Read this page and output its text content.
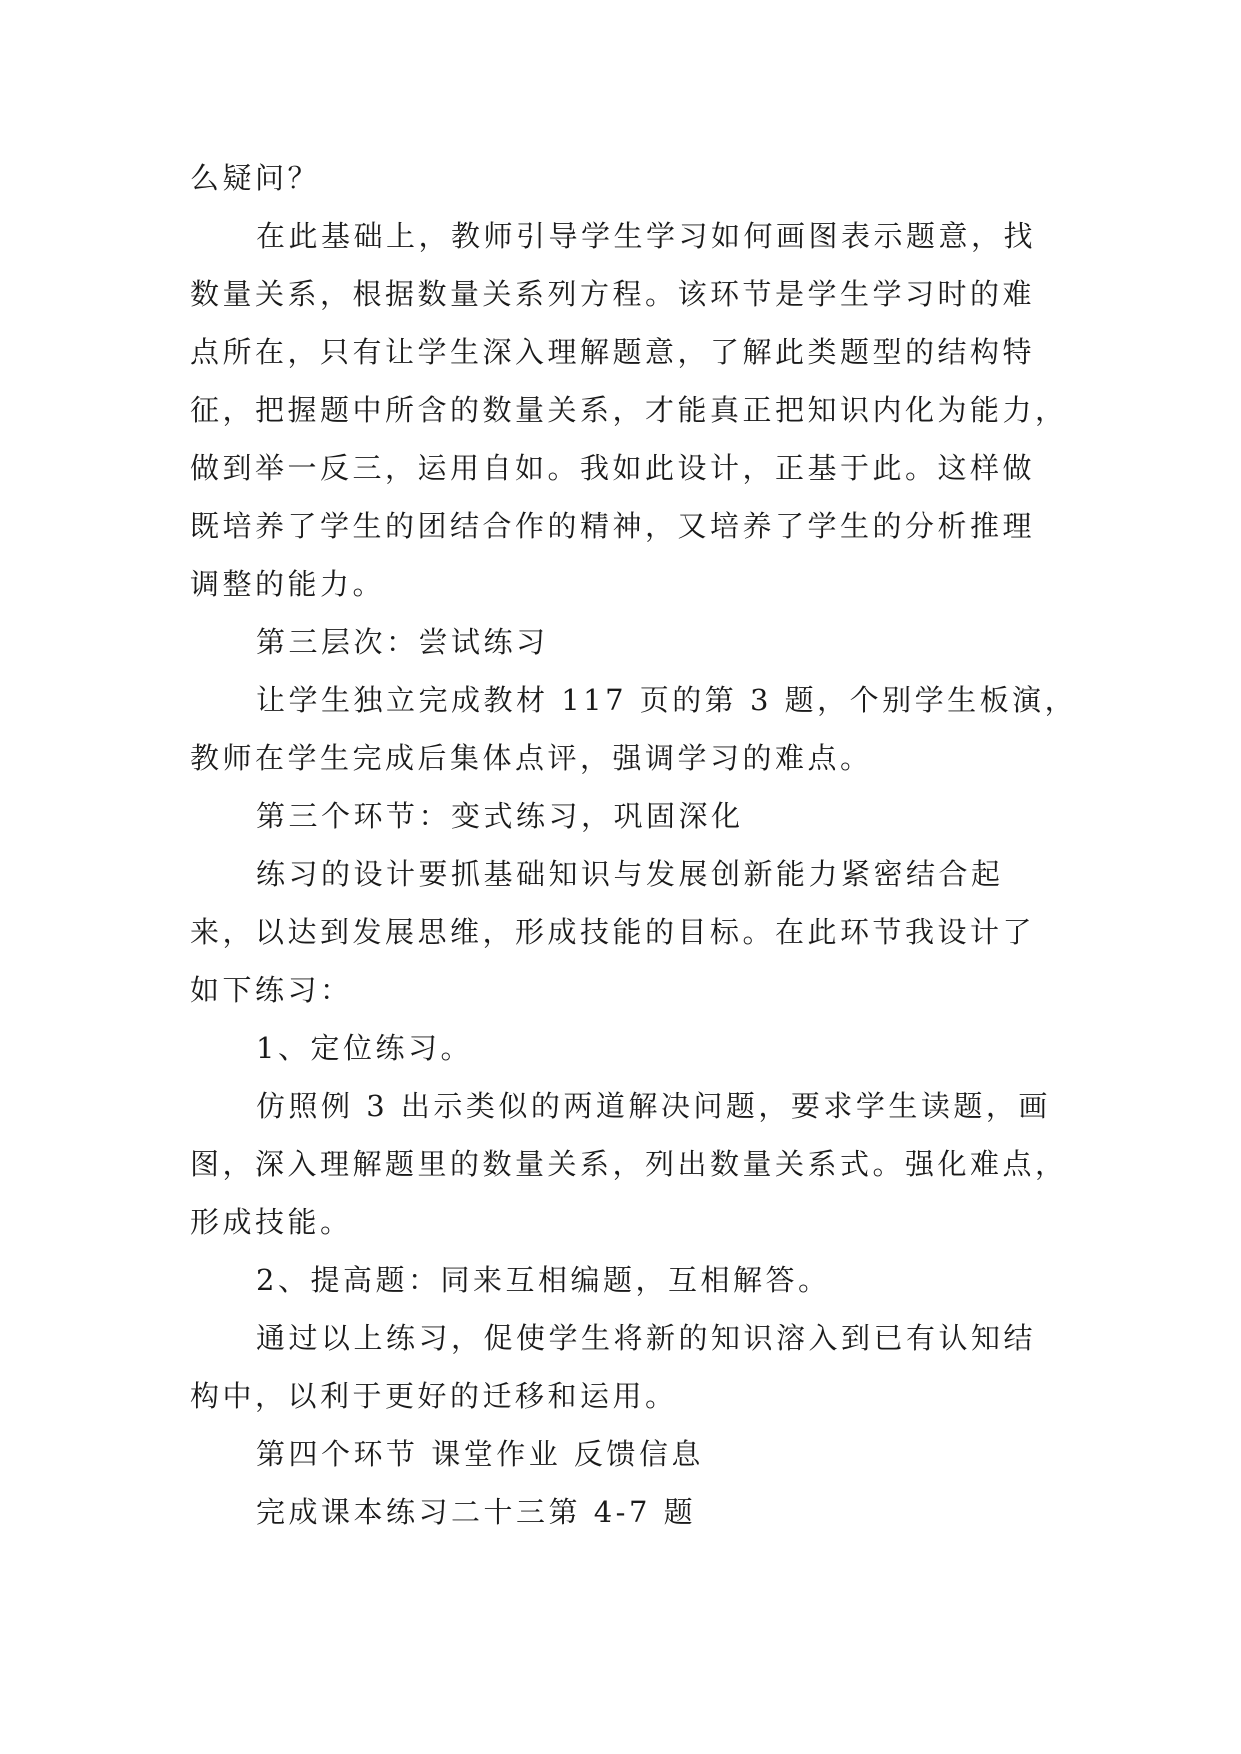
么疑问？
在此基础上，教师引导学生学习如何画图表示题意，找
数量关系，根据数量关系列方程。该环节是学生学习时的难
点所在，只有让学生深入理解题意，了解此类题型的结构特
征，把握题中所含的数量关系，才能真正把知识内化为能力，
做到举一反三，运用自如。我如此设计，正基于此。这样做
既培养了学生的团结合作的精神，又培养了学生的分析推理
调整的能力。
第三层次：尝试练习
让学生独立完成教材 117 页的第 3 题，个别学生板演，
教师在学生完成后集体点评，强调学习的难点。
第三个环节：变式练习，巩固深化
练习的设计要抓基础知识与发展创新能力紧密结合起
来，以达到发展思维，形成技能的目标。在此环节我设计了
如下练习：
1、定位练习。
仿照例 3 出示类似的两道解决问题，要求学生读题，画
图，深入理解题里的数量关系，列出数量关系式。强化难点，
形成技能。
2、提高题：同来互相编题，互相解答。
通过以上练习，促使学生将新的知识溶入到已有认知结
构中，以利于更好的迁移和运用。
第四个环节 课堂作业 反馈信息
完成课本练习二十三第 4-7 题
